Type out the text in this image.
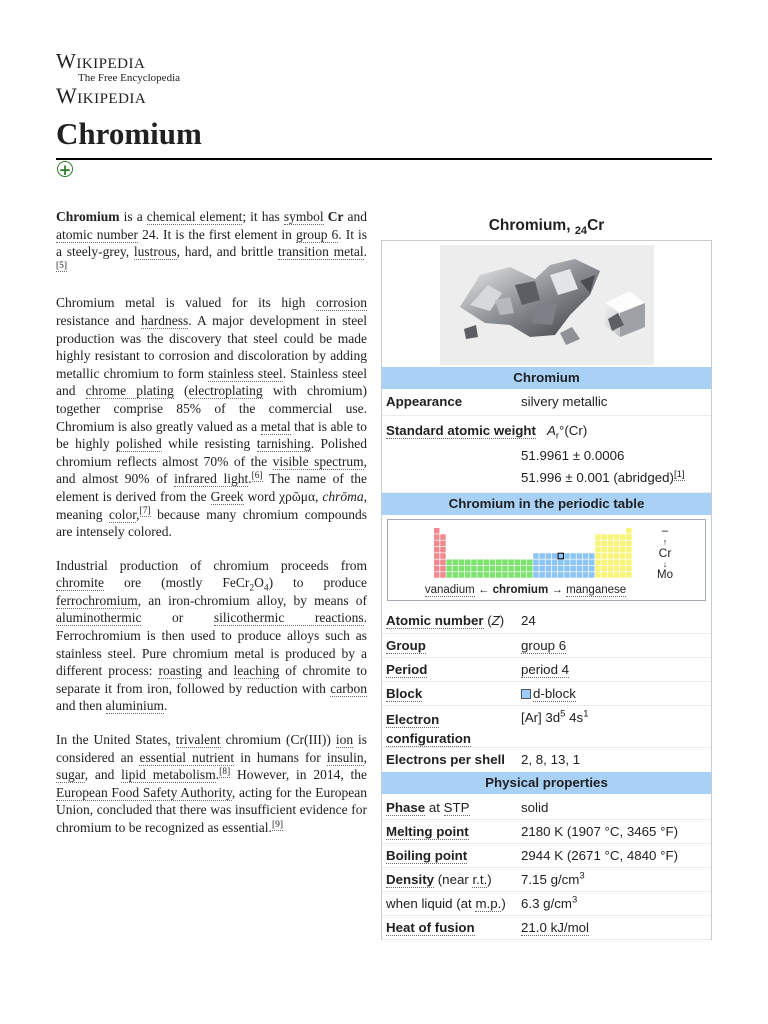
Wikipedia
The Free Encyclopedia
Wikipedia
Chromium
+

Chromium is a chemical element; it has symbol Cr and atomic number 24. It is the first element in group 6. It is a steely-grey, lustrous, hard, and brittle transition metal.[5]

Chromium metal is valued for its high corrosion resistance and hardness. A major development in steel production was the discovery that steel could be made highly resistant to corrosion and discoloration by adding metallic chromium to form stainless steel. Stainless steel and chrome plating (electroplating with chromium) together comprise 85% of the commercial use. Chromium is also greatly valued as a metal that is able to be highly polished while resisting tarnishing. Polished chromium reflects almost 70% of the visible spectrum, and almost 90% of infrared light.[6] The name of the element is derived from the Greek word χρῶμα, chrōma, meaning color,[7] because many chromium compounds are intensely colored.

Industrial production of chromium proceeds from chromite ore (mostly $FeCr_2O_4$) to produce ferrochromium, an iron-chromium alloy, by means of aluminothermic or silicothermic reactions. Ferrochromium is then used to produce alloys such as stainless steel. Pure chromium metal is produced by a different process: roasting and leaching of chromite to separate it from iron, followed by reduction with carbon and then aluminium.

In the United States, trivalent chromium (Cr(III)) ion is considered an essential nutrient in humans for insulin, sugar, and lipid metabolism.[8] However, in 2014, the European Food Safety Authority, acting for the European Union, concluded that there was insufficient evidence for chromium to be recognized as essential.[9]

Chromium, $_{24}$Cr
Chromium
Appearance	silvery metallic
Standard atomic weight $A_r^\circ(Cr)$
51.9961 ± 0.0006
51.996 ± 0.001 (abridged)[1]
Chromium in the periodic table
–
↑
Cr
↓
Mo
vanadium ← chromium → manganese
Atomic number (Z) 24
Group	group 6
Period	period 4
Block	d-block
Electron configuration
[Ar] $3d^5$ $4s^1$
Electrons per shell 2, 8, 13, 1
Physical properties
Phase at STP	solid
Melting point	2180 K (1907 °C, 3465 °F)
Boiling point	2944 K (2671 °C, 4840 °F)
Density (near r.t.) 7.15 $g/cm^3$
when liquid (at m.p.) 6.3 $g/cm^3$
Heat of fusion	21.0 kJ/mol
